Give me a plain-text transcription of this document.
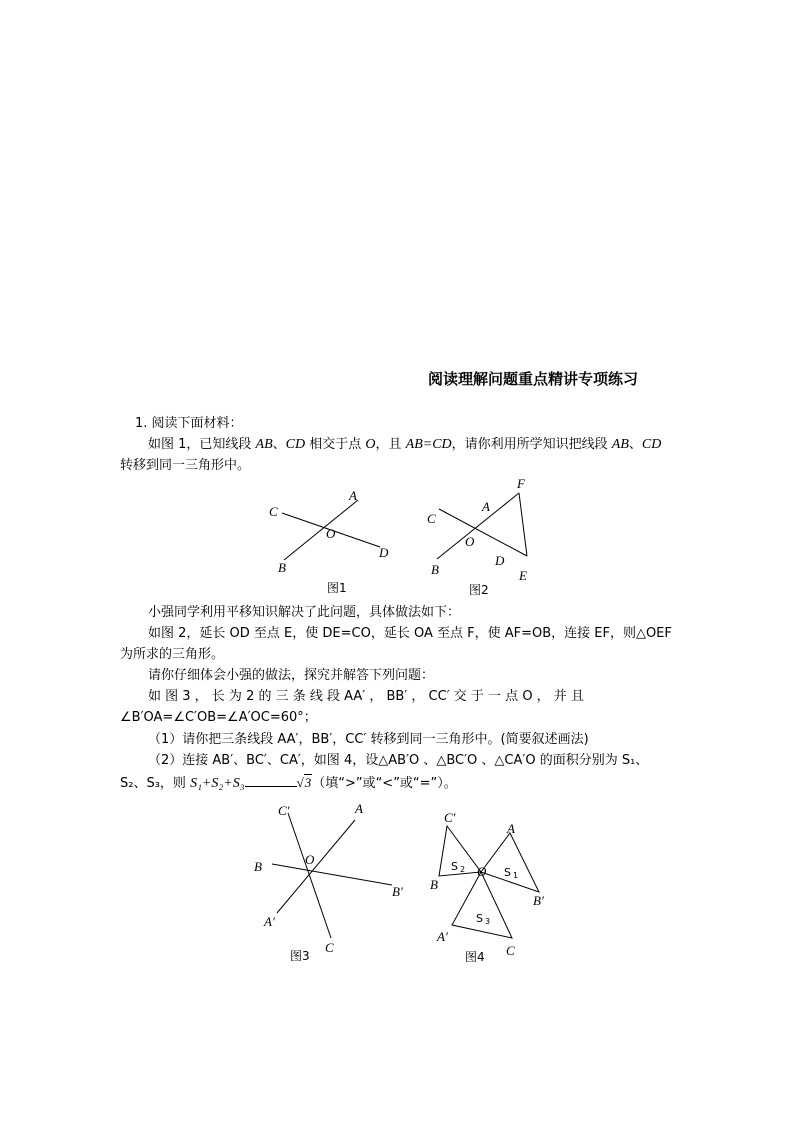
阅读理解问题重点精讲专项练习
1. 阅读下面材料：
如图 1，已知线段 AB、CD 相交于点 O，且 AB=CD，请你利用所学知识把线段 AB、CD
转移到同一三角形中。
A
C
O
D
B
图1
F
A
C
O
D
B	E
图2
小强同学利用平移知识解决了此问题，具体做法如下：
如图 2，延长 OD 至点 E，使 DE=CO，延长 OA 至点 F，使 AF=OB，连接 EF，则△OEF
为所求的三角形。
请你仔细体会小强的做法，探究并解答下列问题：
如 图 3 ， 长 为 2 的 三 条 线 段 AA′ ， BB′ ， CC′ 交 于 一 点 O ， 并 且
∠B′OA=∠C′OB=∠A′OC=60°；
（1）请你把三条线段 AA′，BB′，CC′ 转移到同一三角形中。(简要叙述画法)
（2）连接 AB′、BC′、CA′，如图 4，设△AB′O 、△BC′O 、△CA′O 的面积分别为 S₁、
S₂、S₃，则 S₁+S₂+S₃	√3（填“>”或“<”或“=”）。
C′	A
O
B
B′
A′
C
图3
C′
A
S 2 O S 1
B
B′
S 3
A′
C
图4
